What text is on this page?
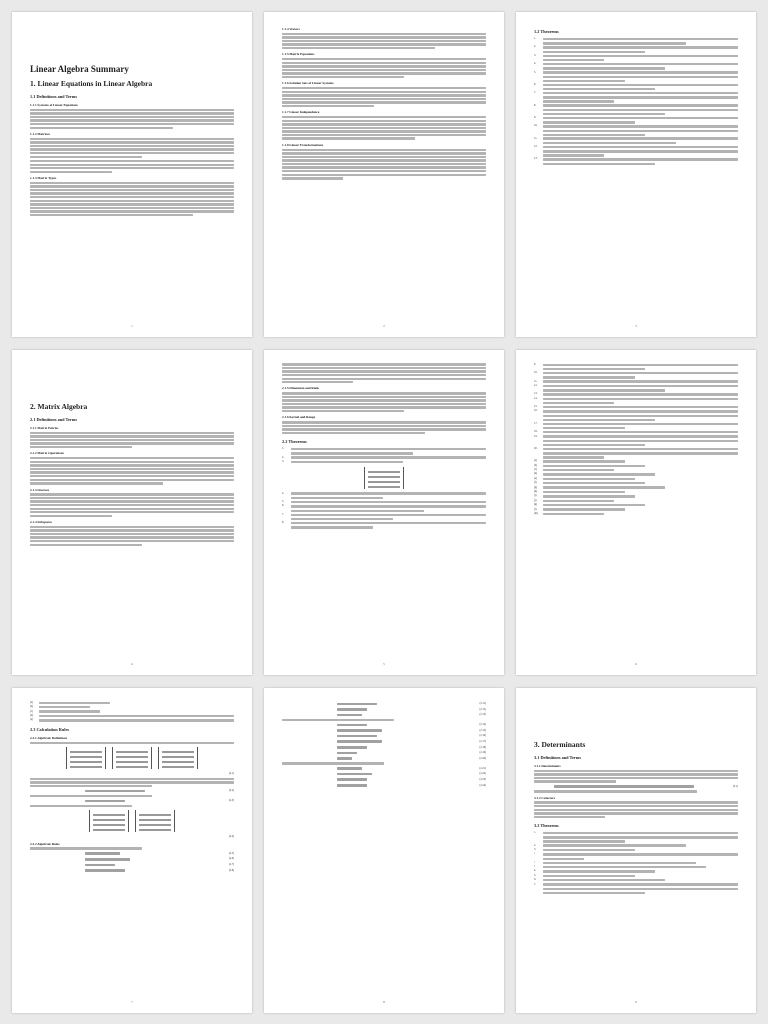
Linear Algebra Summary
1. Linear Equations in Linear Algebra
1.1 Definitions and Terms
1.1.1 Systems of Linear Equations
1.1.2 Matrices
1.1.3 Matrix Types
1
1.1.4 Vectors
1.1.5 Matrix Equations
1.1.6 Solution Sets of Linear Systems
1.1.7 Linear Independence
1.1.8 Linear Transformations
2
1.2 Theorems
1.
2.
3.
4.
5.
6.
7.
8.
9.
10.
11.
12.
13.
3
2. Matrix Algebra
2.1 Definitions and Terms
2.1.1 Matrix Entries
2.1.2 Matrix Operations
2.1.3 Inverses
2.1.4 Subspaces
4
2.1.5 Dimension and Rank
2.1.6 Kernel and Range
2.2 Theorems
1.
2.
3.
4.
5.
6.
7.
8.
5
9.
10.
11.
12.
13.
14.
15.
16.
17.
18.
19.
20.
(a)
(b)
(c)
(d)
(e)
(f)
(g)
(h)
(i)
(j)
(k)
(l)
(m)
6
(a)
(b)
(c)
(d)
(e)
2.3 Calculation Rules
2.3.1 Algebraic Definitions
(2.1)
(2.2)
(2.3)
(2.4)
2.3.2 Algebraic Rules
(2.5)
(2.6)
(2.7)
(2.8)
7
(2.11)
(2.12)
(2.13)
(2.14)
(2.15)
(2.16)
(2.17)
(2.18)
(2.19)
(2.20)
(2.21)
(2.22)
(2.23)
(2.24)
8
3. Determinants
3.1 Definitions and Terms
3.1.1 Determinants
(3.1)
3.1.2 Cofactors
3.2 Theorems
1.
2.
3.
•
•
•
4.
5.
6.
7.
9
